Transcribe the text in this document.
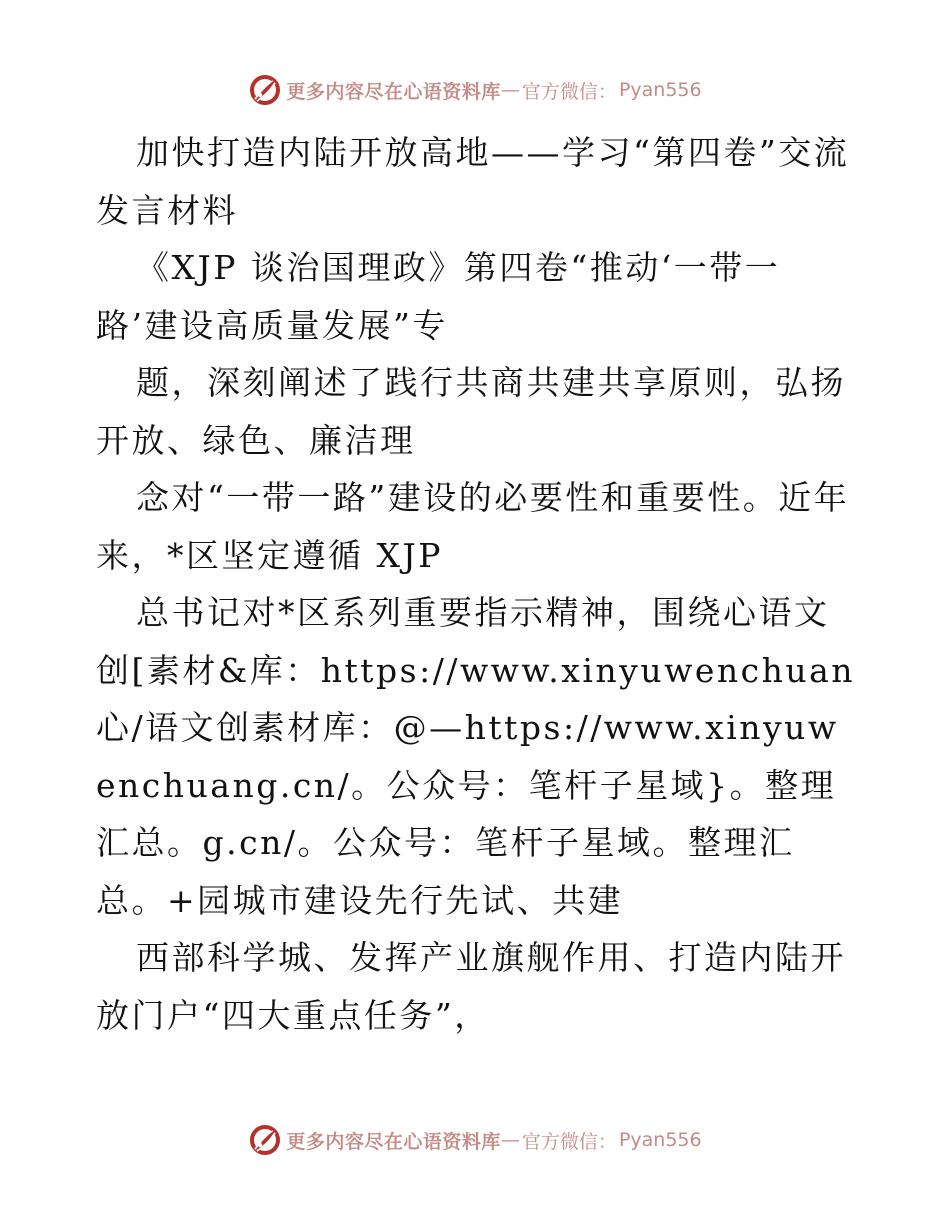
更多内容尽在心语资料库 — 官方微信： Pyan556

加快打造内陆开放高地——学习“第四卷”交流发言材料

《XJP 谈治国理政》第四卷“推动‘一带一路’建设高质量发展”专

题，深刻阐述了践行共商共建共享原则，弘扬开放、绿色、廉洁理

念对“一带一路”建设的必要性和重要性。近年来，*区坚定遵循 XJP

总书记对*区系列重要指示精神，围绕心语文创[素材&库：https://www.xinyuwenchuan心/语文创素材库：@—https://www.xinyuwenchuang.cn/。公众号：笔杆子星域}。整理汇总。g.cn/。公众号：笔杆子星域。整理汇总。+园城市建设先行先试、共建

西部科学城、发挥产业旗舰作用、打造内陆开放门户“四大重点任务”，

更多内容尽在心语资料库 — 官方微信： Pyan556
